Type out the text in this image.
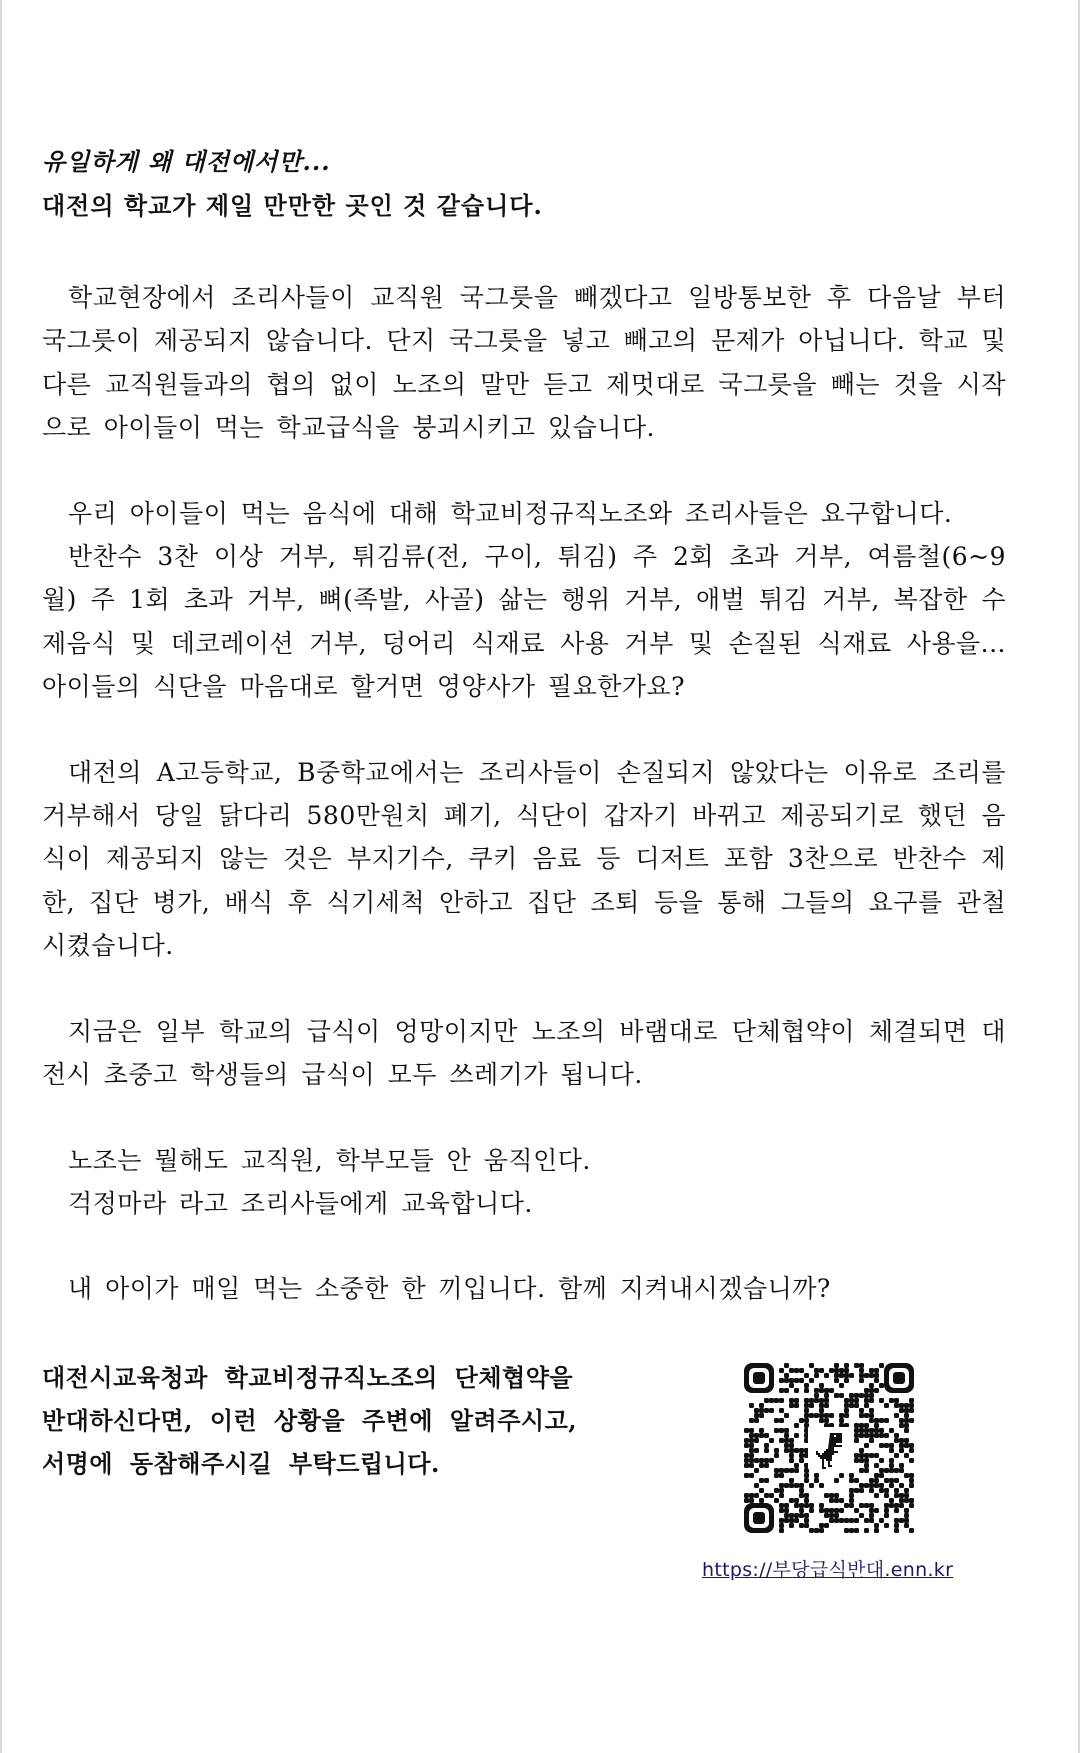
유일하게 왜 대전에서만...

대전의 학교가 제일 만만한 곳인 것 같습니다.

학교현장에서 조리사들이 교직원 국그릇을 빼겠다고 일방통보한 후 다음날 부터 국그릇이 제공되지 않습니다. 단지 국그릇을 넣고 빼고의 문제가 아닙니다. 학교 및 다른 교직원들과의 협의 없이 노조의 말만 듣고 제멋대로 국그릇을 빼는 것을 시작으로 아이들이 먹는 학교급식을 붕괴시키고 있습니다.

우리 아이들이 먹는 음식에 대해 학교비정규직노조와 조리사들은 요구합니다.
반찬수 3찬 이상 거부, 튀김류(전, 구이, 튀김) 주 2회 초과 거부, 여름철(6~9월) 주 1회 초과 거부, 뼈(족발, 사골) 삶는 행위 거부, 애벌 튀김 거부, 복잡한 수제음식 및 데코레이션 거부, 덩어리 식재료 사용 거부 및 손질된 식재료 사용을... 아이들의 식단을 마음대로 할거면 영양사가 필요한가요?

대전의 A고등학교, B중학교에서는 조리사들이 손질되지 않았다는 이유로 조리를 거부해서 당일 닭다리 580만원치 폐기, 식단이 갑자기 바뀌고 제공되기로 했던 음식이 제공되지 않는 것은 부지기수, 쿠키 음료 등 디저트 포함 3찬으로 반찬수 제한, 집단 병가, 배식 후 식기세척 안하고 집단 조퇴 등을 통해 그들의 요구를 관철시켰습니다.

지금은 일부 학교의 급식이 엉망이지만 노조의 바램대로 단체협약이 체결되면 대전시 초중고 학생들의 급식이 모두 쓰레기가 됩니다.

노조는 뭘해도 교직원, 학부모들 안 움직인다.
걱정마라 라고 조리사들에게 교육합니다.

내 아이가 매일 먹는 소중한 한 끼입니다. 함께 지켜내시겠습니까?

대전시교육청과 학교비정규직노조의 단체협약을

반대하신다면, 이런 상황을 주변에 알려주시고,

서명에 동참해주시길 부탁드립니다.

https://부당급식반대.enn.kr
